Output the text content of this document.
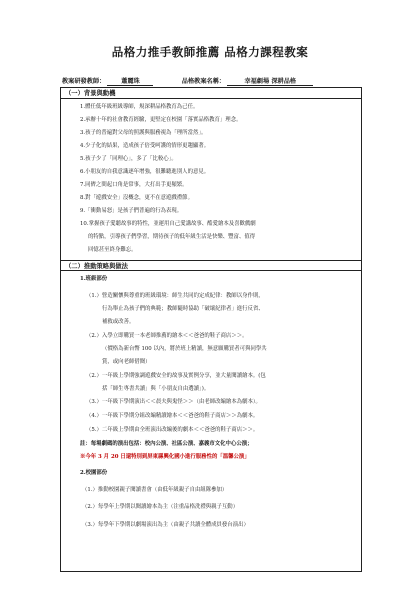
品格力推手教師推薦 品格力課程教案
教案研發教師：	蕭麗珠	品格教案名稱：	幸福劇場 深耕品格
（一）背景與動機
1.體任低年級班級導師，規深耕品格教育為己任。
2.承辦十年的社會教育經驗，更堅定在校園「落實品格教育」理念。
3.孩子的普遍對父母的照護與服務視為「理所當然」。
4.少子化的結果，造成孩子倍受呵護的情形更趨顯著。
5.孩子少了「同理心」，多了「比較心」。
6.小朋友的自我意識逐年增強，很難聽進別人的意見。
7.同儕之間起口角是常事，大打出手更頻繁。
8.對「遊戲安全」沒概念，更不在意遊戲禮節。
9.「衝動易怒」是孩子們普遍的行為表現。
10.掌握孩子愛聽故事的特性，並運用自己愛講故事、酷愛繪本及喜歡戲劇
的特點，引導孩子們學習，期待孩子的低年級生活是快樂、豐富、值得
回憶甚至終身難忘。
（二）推動策略與做法
1.班級部份
（1.）營造關懷與尊重的班級環境：師生共同約定成紀律：教師以身作則，
行為舉止為孩子們的典範；教師隨時協助「破壞紀律者」進行反省、
補救或改善。
（2.）入學立即購買一本老師推薦的繪本＜＜爸爸的鞋子商店＞＞。
（價格為新台幣 100 以內，將於班上精讀，無意願購買者可與同學共
賞，或向老師借閱）
（2.）一年級上學期強調遊戲安全的故事及實例分享，並大量閱讀繪本。(包
括「師生專書共讀」與「小朋友自由選讀」)。
（3.）一年級下學期演出＜＜晨夫與鬼怪＞＞（由老師改編繪本為劇本）。
（4.）一年級下學期分組改編精讀繪本＜＜爸爸的鞋子商店＞＞為劇本。
（5.）二年級上學期由全班演出改編後的劇本＜＜爸爸的鞋子商店＞＞。
註：每場劇碼的演出包括：校內公演、社區公演、嘉義市文化中心公演；
※今年 3 月 20 日還特別到屏東縣興化國小進行服務性的「溫馨公演」
2.校園部份
（1.）推動校園親子閱讀書會（由低年級親子自由組隊參加）
（2.）每學年上學期以閱讀繪本為主（注重品格洗禮與親子互動）
（3.）每學年下學期以劇場演出為主（由親子共讀全體成員發台演出）
